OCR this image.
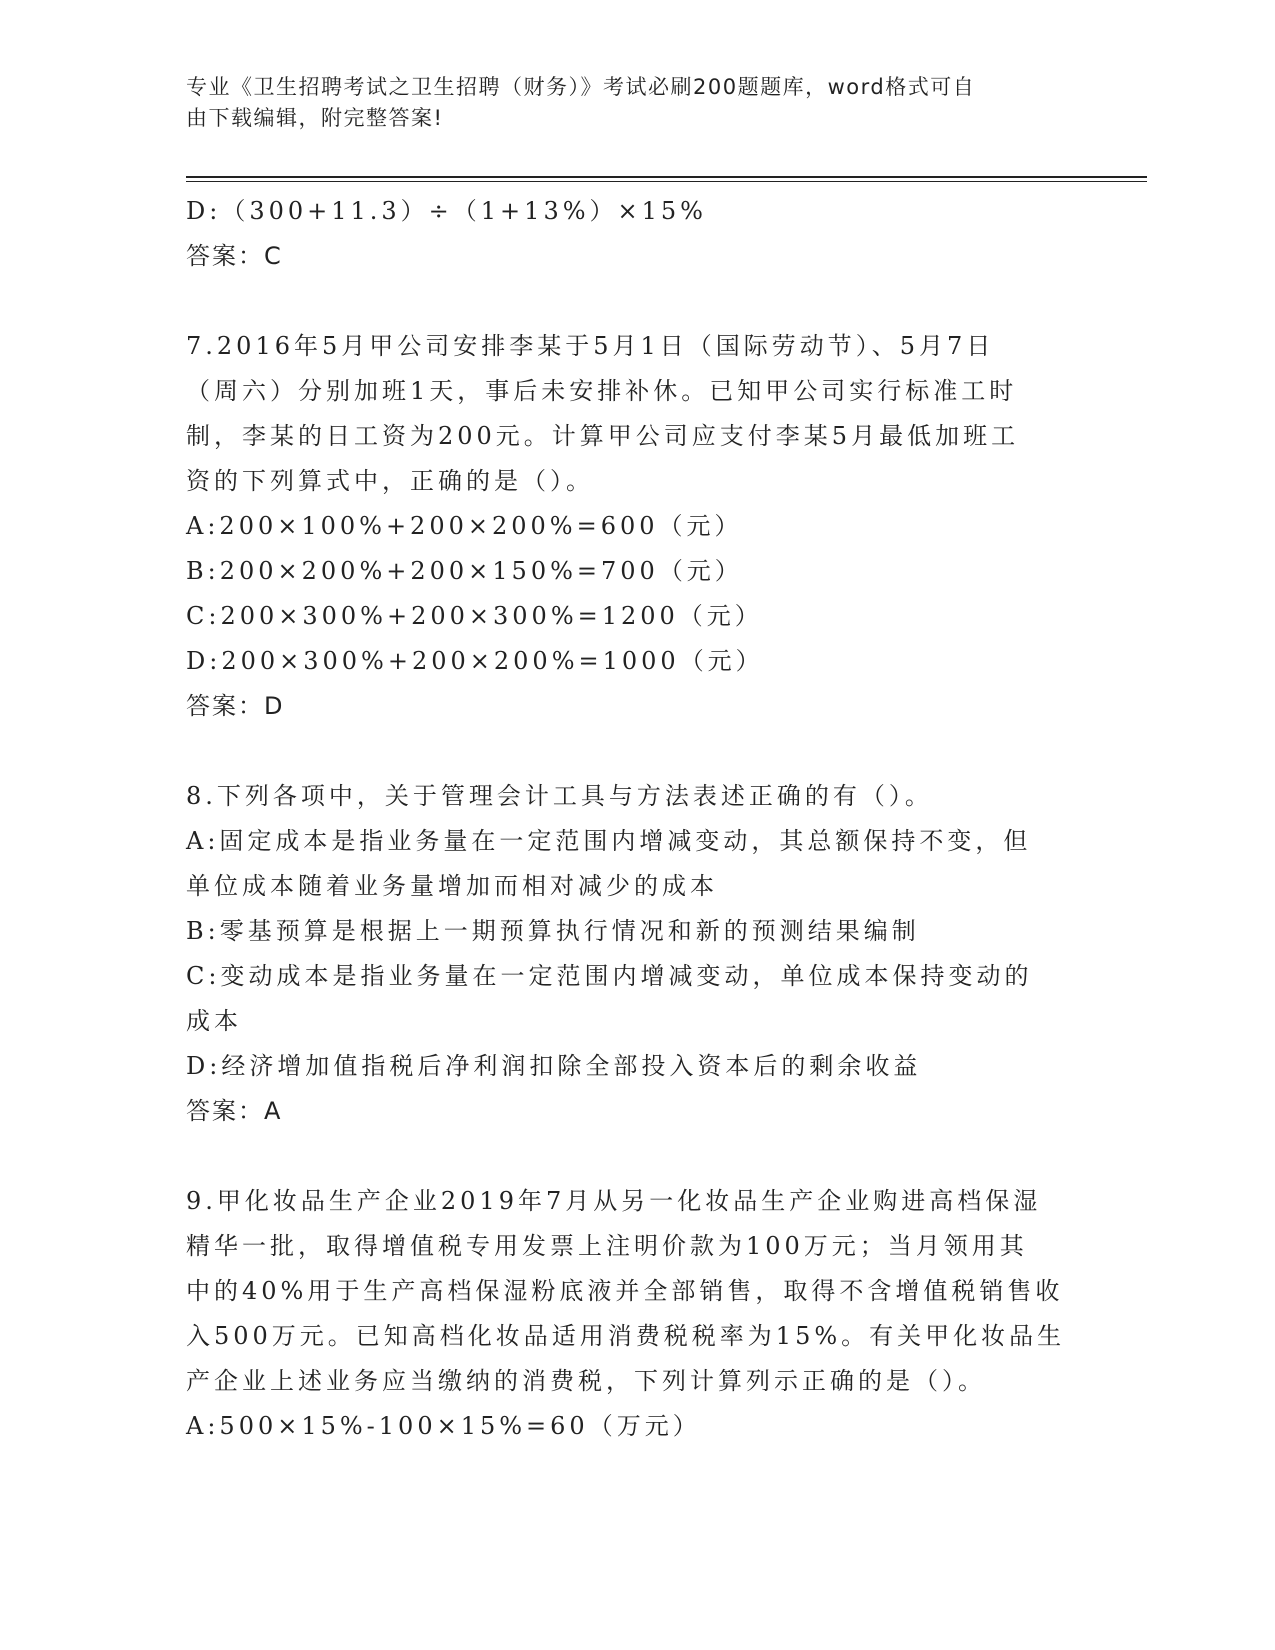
专业《卫生招聘考试之卫生招聘（财务）》考试必刷200题题库，word格式可自
由下载编辑，附完整答案!
D:（300+11.3）÷（1+13%）×15%
答案：C
7.2016年5月甲公司安排李某于5月1日（国际劳动节）、5月7日
（周六）分别加班1天，事后未安排补休。已知甲公司实行标准工时
制，李某的日工资为200元。计算甲公司应支付李某5月最低加班工
资的下列算式中，正确的是（）。
A:200×100%+200×200%=600（元）
B:200×200%+200×150%=700（元）
C:200×300%+200×300%=1200（元）
D:200×300%+200×200%=1000（元）
答案：D
8.下列各项中，关于管理会计工具与方法表述正确的有（）。
A:固定成本是指业务量在一定范围内增减变动，其总额保持不变，但
单位成本随着业务量增加而相对减少的成本
B:零基预算是根据上一期预算执行情况和新的预测结果编制
C:变动成本是指业务量在一定范围内增减变动，单位成本保持变动的
成本
D:经济增加值指税后净利润扣除全部投入资本后的剩余收益
答案：A
9.甲化妆品生产企业2019年7月从另一化妆品生产企业购进高档保湿
精华一批，取得增值税专用发票上注明价款为100万元；当月领用其
中的40%用于生产高档保湿粉底液并全部销售，取得不含增值税销售收
入500万元。已知高档化妆品适用消费税税率为15%。有关甲化妆品生
产企业上述业务应当缴纳的消费税，下列计算列示正确的是（）。
A:500×15%-100×15%=60（万元）
